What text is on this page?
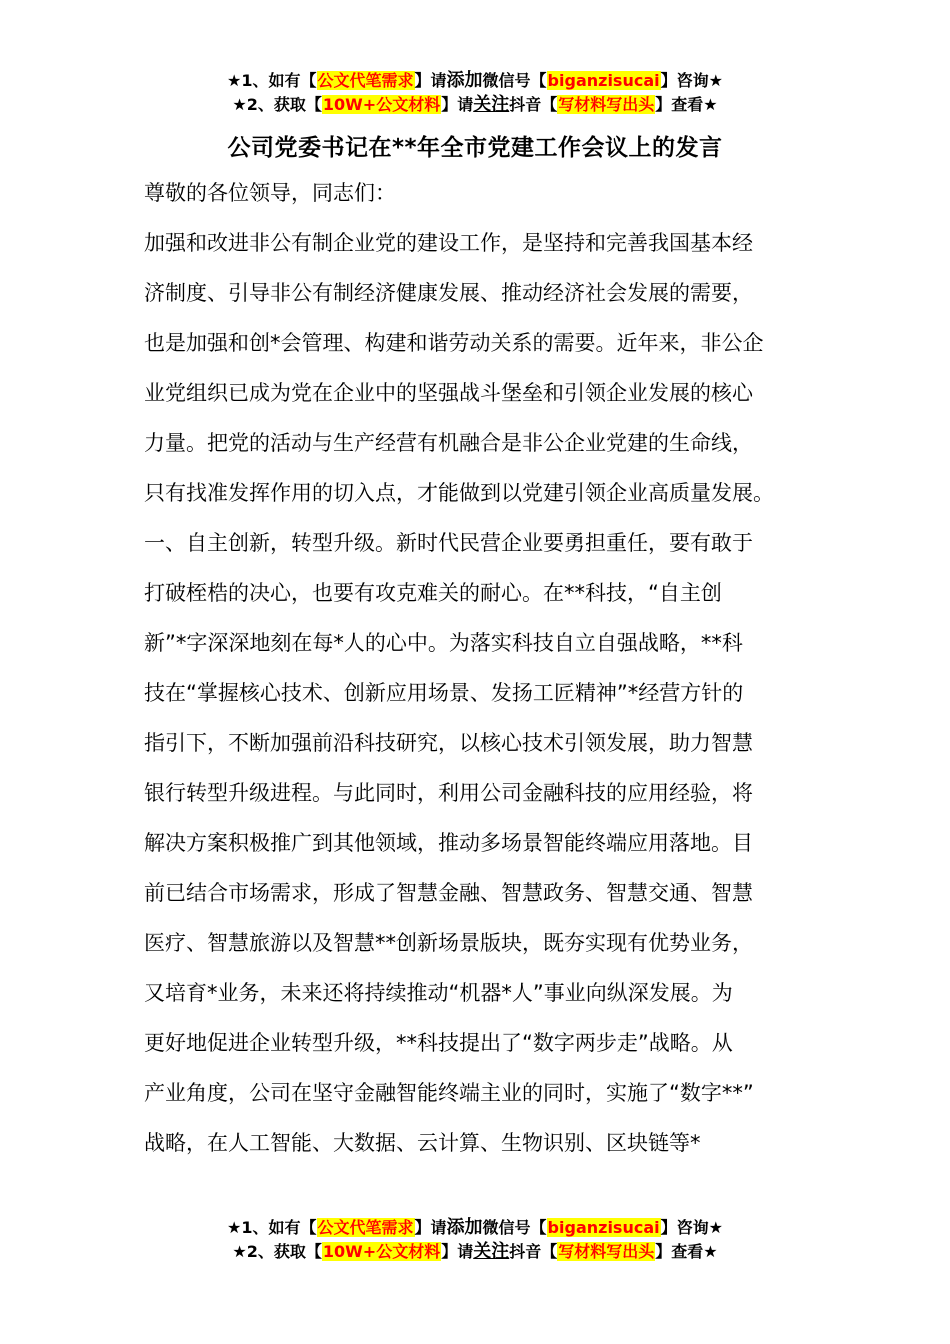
★1、如有【公文代笔需求】请添加微信号【biganzisucai】咨询★
★2、获取【10W+公文材料】请关注抖音【写材料写出头】查看★
公司党委书记在**年全市党建工作会议上的发言
尊敬的各位领导，同志们：
加强和改进非公有制企业党的建设工作，是坚持和完善我国基本经
济制度、引导非公有制经济健康发展、推动经济社会发展的需要，
也是加强和创*会管理、构建和谐劳动关系的需要。近年来，非公企
业党组织已成为党在企业中的坚强战斗堡垒和引领企业发展的核心
力量。把党的活动与生产经营有机融合是非公企业党建的生命线，
只有找准发挥作用的切入点，才能做到以党建引领企业高质量发展。
一、自主创新，转型升级。新时代民营企业要勇担重任，要有敢于
打破桎梏的决心，也要有攻克难关的耐心。在**科技，“自主创
新”*字深深地刻在每*人的心中。为落实科技自立自强战略，**科
技在“掌握核心技术、创新应用场景、发扬工匠精神”*经营方针的
指引下，不断加强前沿科技研究，以核心技术引领发展，助力智慧
银行转型升级进程。与此同时，利用公司金融科技的应用经验，将
解决方案积极推广到其他领域，推动多场景智能终端应用落地。目
前已结合市场需求，形成了智慧金融、智慧政务、智慧交通、智慧
医疗、智慧旅游以及智慧**创新场景版块，既夯实现有优势业务，
又培育*业务，未来还将持续推动“机器*人”事业向纵深发展。为
更好地促进企业转型升级，**科技提出了“数字两步走”战略。从
产业角度，公司在坚守金融智能终端主业的同时，实施了“数字**”
战略，在人工智能、大数据、云计算、生物识别、区块链等*
★1、如有【公文代笔需求】请添加微信号【biganzisucai】咨询★
★2、获取【10W+公文材料】请关注抖音【写材料写出头】查看★
